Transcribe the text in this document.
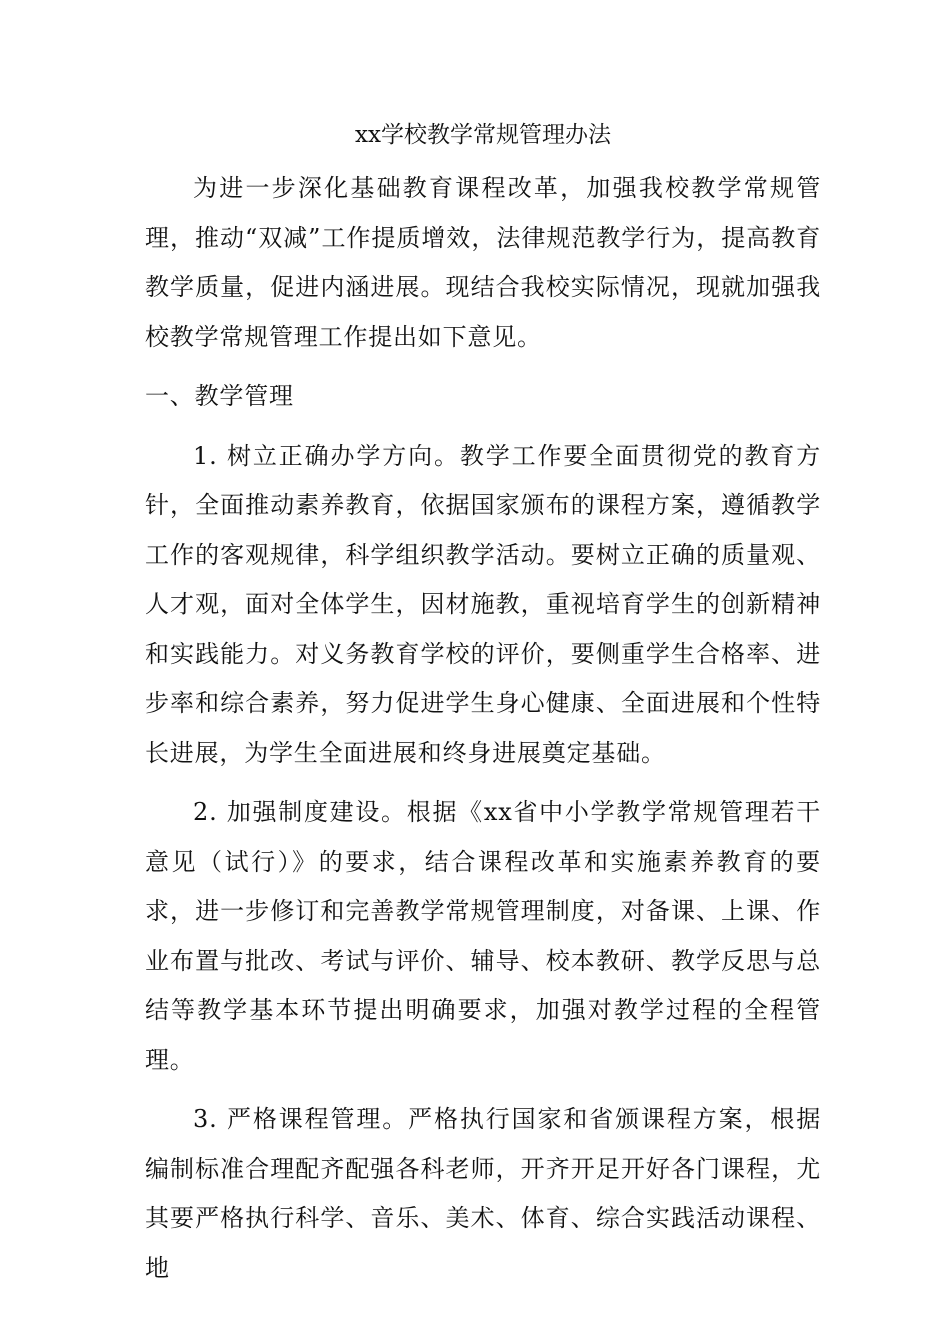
xx学校教学常规管理办法

为进一步深化基础教育课程改革，加强我校教学常规管理，推动“双减”工作提质增效，法律规范教学行为，提高教育教学质量，促进内涵进展。现结合我校实际情况，现就加强我校教学常规管理工作提出如下意见。

一、教学管理

1. 树立正确办学方向。教学工作要全面贯彻党的教育方针，全面推动素养教育，依据国家颁布的课程方案，遵循教学工作的客观规律，科学组织教学活动。要树立正确的质量观、人才观，面对全体学生，因材施教，重视培育学生的创新精神和实践能力。对义务教育学校的评价，要侧重学生合格率、进步率和综合素养，努力促进学生身心健康、全面进展和个性特长进展，为学生全面进展和终身进展奠定基础。

2. 加强制度建设。根据《xx省中小学教学常规管理若干意见（试行）》的要求，结合课程改革和实施素养教育的要求，进一步修订和完善教学常规管理制度，对备课、上课、作业布置与批改、考试与评价、辅导、校本教研、教学反思与总结等教学基本环节提出明确要求，加强对教学过程的全程管理。

3. 严格课程管理。严格执行国家和省颁课程方案，根据编制标准合理配齐配强各科老师，开齐开足开好各门课程，尤其要严格执行科学、音乐、美术、体育、综合实践活动课程、地
